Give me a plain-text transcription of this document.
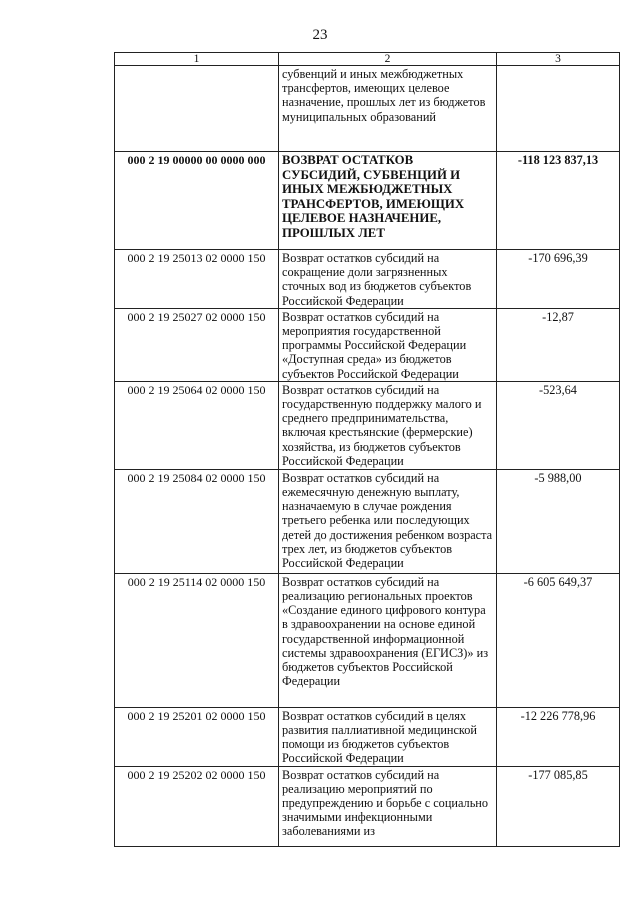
23
1	2	3
	субвенций и иных межбюджетных трансфертов, имеющих целевое назначение, прошлых лет из бюджетов муниципальных образований	
000 2 19 00000 00 0000 000	ВОЗВРАТ ОСТАТКОВ СУБСИДИЙ, СУБВЕНЦИЙ И ИНЫХ МЕЖБЮДЖЕТНЫХ ТРАНСФЕРТОВ, ИМЕЮЩИХ ЦЕЛЕВОЕ НАЗНАЧЕНИЕ, ПРОШЛЫХ ЛЕТ	-118 123 837,13
000 2 19 25013 02 0000 150	Возврат остатков субсидий на сокращение доли загрязненных сточных вод из бюджетов субъектов Российской Федерации	-170 696,39
000 2 19 25027 02 0000 150	Возврат остатков субсидий на мероприятия государственной программы Российской Федерации «Доступная среда» из бюджетов субъектов Российской Федерации	-12,87
000 2 19 25064 02 0000 150	Возврат остатков субсидий на государственную поддержку малого и среднего предпринимательства, включая крестьянские (фермерские) хозяйства, из бюджетов субъектов Российской Федерации	-523,64
000 2 19 25084 02 0000 150	Возврат остатков субсидий на ежемесячную денежную выплату, назначаемую в случае рождения третьего ребенка или последующих детей до достижения ребенком возраста трех лет, из бюджетов субъектов Российской Федерации	-5 988,00
000 2 19 25114 02 0000 150	Возврат остатков субсидий на реализацию региональных проектов «Создание единого цифрового контура в здравоохранении на основе единой государственной информационной системы здравоохранения (ЕГИСЗ)» из бюджетов субъектов Российской Федерации	-6 605 649,37
000 2 19 25201 02 0000 150	Возврат остатков субсидий в целях развития паллиативной медицинской помощи из бюджетов субъектов Российской Федерации	-12 226 778,96
000 2 19 25202 02 0000 150	Возврат остатков субсидий на реализацию мероприятий по предупреждению и борьбе с социально значимыми инфекционными заболеваниями из	-177 085,85
